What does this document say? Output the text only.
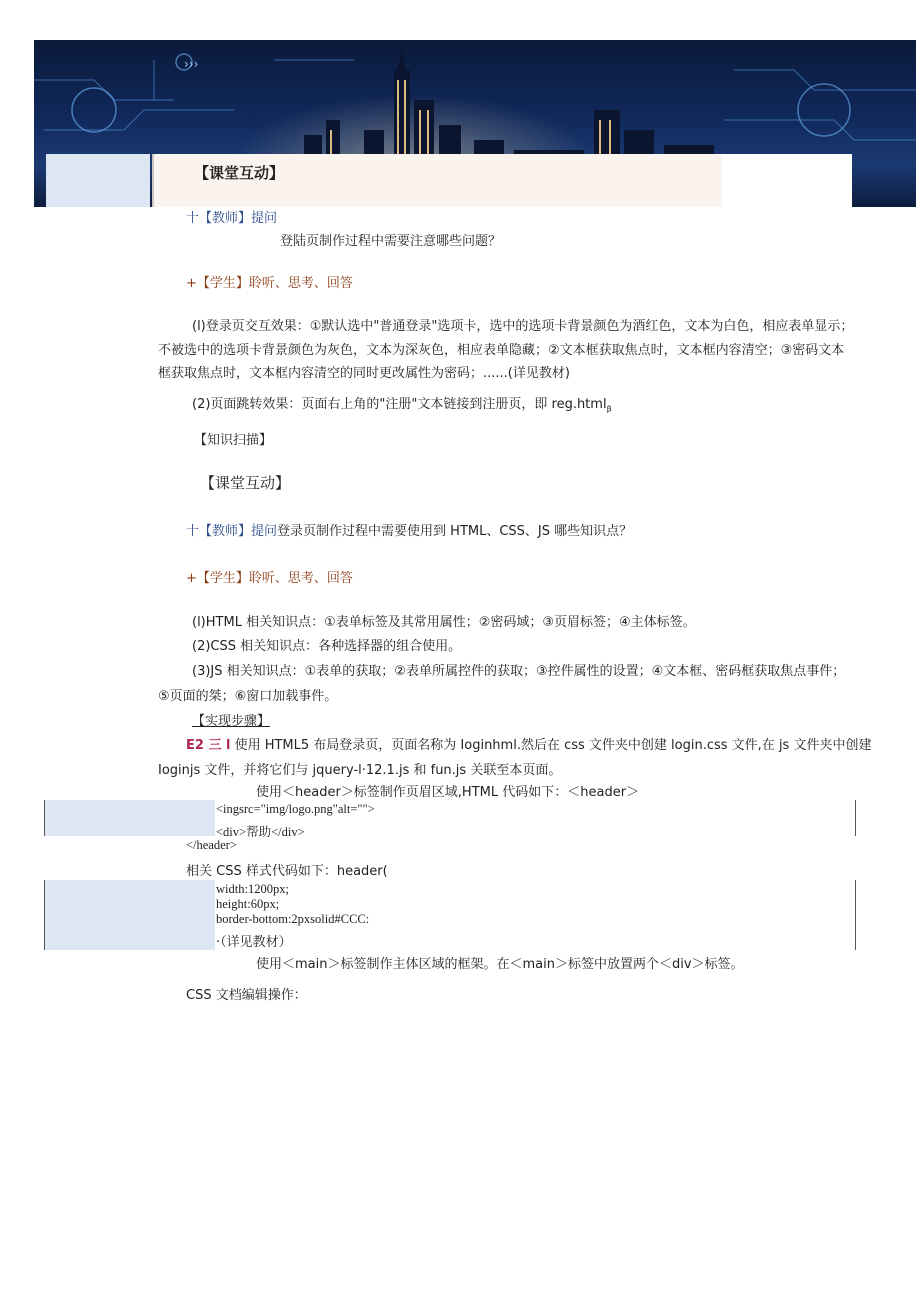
›››
【课堂互动】
十【教师】提问
登陆页制作过程中需要注意哪些问题？
+【学生】聆听、思考、回答
(l)登录页交互效果：①默认选中"普通登录"选项卡，选中的选项卡背景颜色为酒红色，文本为白色，相应表单显示；
不被选中的选项卡背景颜色为灰色，文本为深灰色，相应表单隐藏；②文本框获取焦点时，文本框内容清空；③密码文本
框获取焦点时，文本框内容清空的同时更改属性为密码；......(详见教材)
(2)页面跳转效果：页面右上角的"注册"文本链接到注册页，即 reg.html$_\beta$
【知识扫描】
【课堂互动】
十【教师】提问登录页制作过程中需要使用到 HTML、CSS、JS 哪些知识点？
+【学生】聆听、思考、回答
(l)HTML 相关知识点：①表单标签及其常用属性；②密码域；③页眉标签；④主体标签。
(2)CSS 相关知识点：各种选择器的组合使用。
(3)JS 相关知识点：①表单的获取；②表单所属控件的获取；③控件属性的设置；④文本框、密码框获取焦点事件；
⑤页面的桀；⑥窗口加载事件。
【实现步骤】
E2 三 l 使用 HTML5 布局登录页，页面名称为 Ioginhml.然后在 css 文件夹中创建 login.css 文件,在 js 文件夹中创建
Ioginjs 文件，并将它们与 jquery-l·12.1.js 和 fun.js 关联至本页面。
使用＜header＞标签制作页眉区域,HTML 代码如下：＜header＞
<ingsrc="img/logo.png"alt="">
<div>帮助</div>
</header>
相关 CSS 样式代码如下：header(
width:1200px;
height:60px;
border-bottom:2pxsolid#CCC:
·（详见教材）
使用＜main＞标签制作主体区域的框架。在＜main＞标签中放置两个＜div＞标签。
CSS 文档编辑操作：
